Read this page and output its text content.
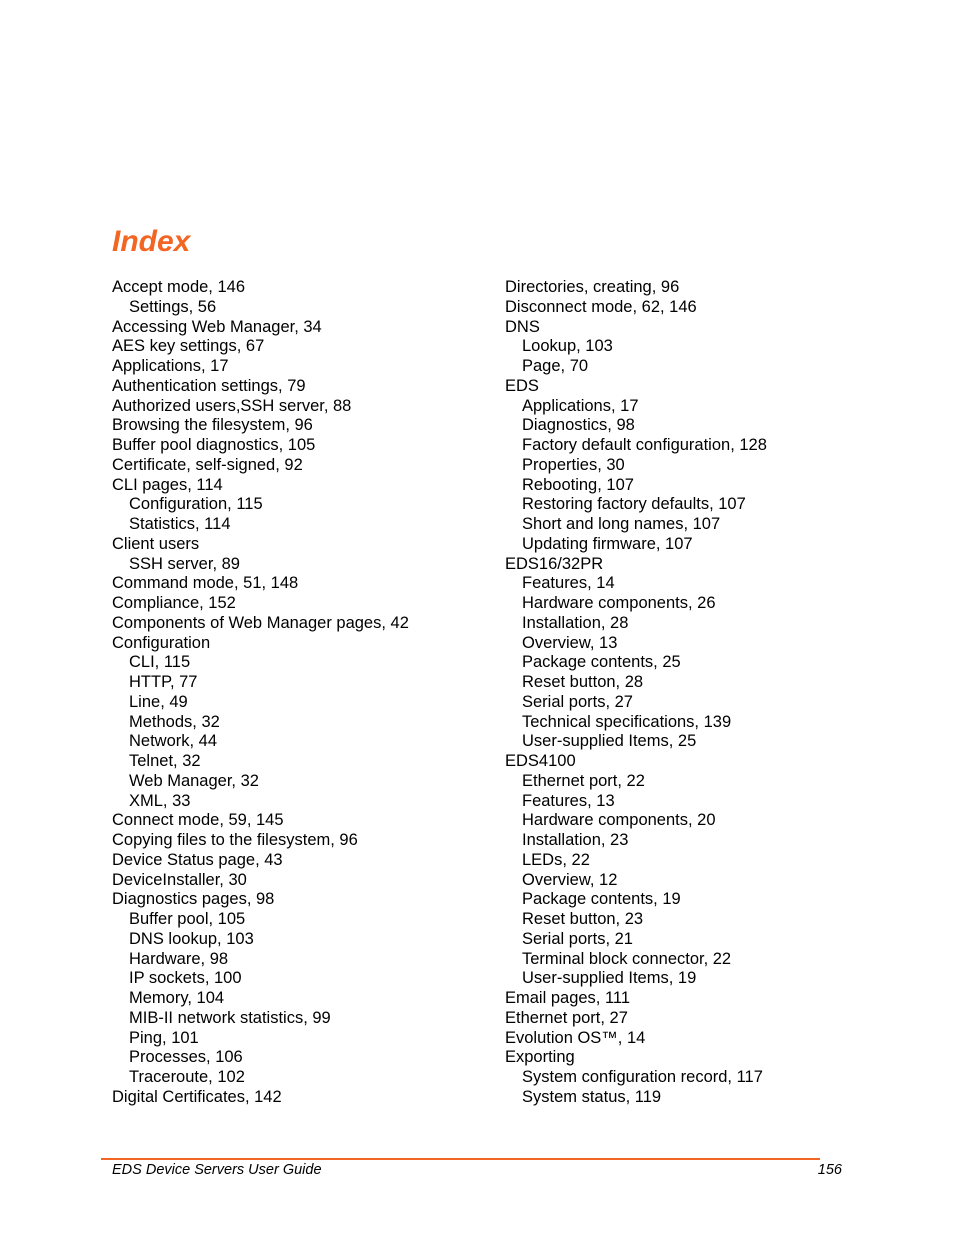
Index
Accept mode, 146
Settings, 56
Accessing Web Manager, 34
AES key settings, 67
Applications, 17
Authentication settings, 79
Authorized users,SSH server, 88
Browsing the filesystem, 96
Buffer pool diagnostics, 105
Certificate, self-signed, 92
CLI pages, 114
Configuration, 115
Statistics, 114
Client users
SSH server, 89
Command mode, 51, 148
Compliance, 152
Components of Web Manager pages, 42
Configuration
CLI, 115
HTTP, 77
Line, 49
Methods, 32
Network, 44
Telnet, 32
Web Manager, 32
XML, 33
Connect mode, 59, 145
Copying files to the filesystem, 96
Device Status page, 43
DeviceInstaller, 30
Diagnostics pages, 98
Buffer pool, 105
DNS lookup, 103
Hardware, 98
IP sockets, 100
Memory, 104
MIB-II network statistics, 99
Ping, 101
Processes, 106
Traceroute, 102
Digital Certificates, 142
Directories, creating, 96
Disconnect mode, 62, 146
DNS
Lookup, 103
Page, 70
EDS
Applications, 17
Diagnostics, 98
Factory default configuration, 128
Properties, 30
Rebooting, 107
Restoring factory defaults, 107
Short and long names, 107
Updating firmware, 107
EDS16/32PR
Features, 14
Hardware components, 26
Installation, 28
Overview, 13
Package contents, 25
Reset button, 28
Serial ports, 27
Technical specifications, 139
User-supplied Items, 25
EDS4100
Ethernet port, 22
Features, 13
Hardware components, 20
Installation, 23
LEDs, 22
Overview, 12
Package contents, 19
Reset button, 23
Serial ports, 21
Terminal block connector, 22
User-supplied Items, 19
Email pages, 111
Ethernet port, 27
Evolution OS™, 14
Exporting
System configuration record, 117
System status, 119
EDS Device Servers User Guide	156
